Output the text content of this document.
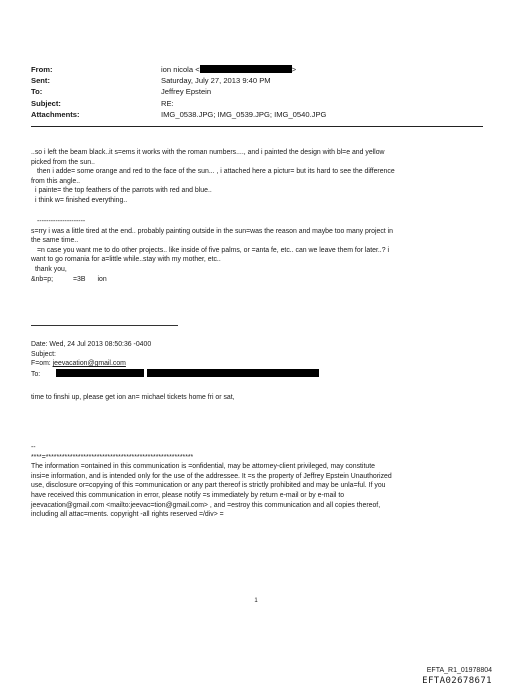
From:	ion nicola <	>
Sent:	Saturday, July 27, 2013 9:40 PM
To:	Jeffrey Epstein
Subject:	RE:
Attachments:	IMG_0538.JPG; IMG_0539.JPG; IMG_0540.JPG

..so i left the beam black..it s=ems it works with the roman numbers...., and i painted the design with bl=e and yellow

picked from the sun..

then i adde= some orange and red to the face of the sun... , i attached here a pictur= but its hard to see the difference

from this angle..

i painte= the top feathers of the parrots with red and blue..

i think w= finished everything..

---------------------

s=rry i was a little tired at the end.. probably painting outside in the sun=was the reason and maybe too many project in

the same time..

=n case you want me to do other projects.. like inside of five palms, or =anta fe, etc.. can we leave them for later..? i

want to go romania for a=little while..stay with my mother, etc..

thank you,

&nb=p;	=3B ion

Date: Wed, 24 Jul 2013 08:50:36 -0400

Subject:

F=om: jeevacation@gmail.com

To:

time to finshi up, please get ion an= michael tickets home fri or sat,

--

****=*******************************************************

The information =ontained in this communication is =onfidential, may be attorney-client privileged, may constitute

insi=e information, and is intended only for the use of the addressee. It =s the property of Jeffrey Epstein Unauthorized

use, disclosure or=copying of this =ommunication or any part thereof is strictly prohibited and may be unla=ful. If you

have received this communication in error, please notify =s immediately by return e-mail or by e-mail to

jeevacation@gmail.com <mailto:jeevac=tion@gmail.com> , and =estroy this communication and all copies thereof,

including all attac=ments. copyright -all rights reserved =/div> =

1
EFTA_R1_01978804
EFTA02678671
